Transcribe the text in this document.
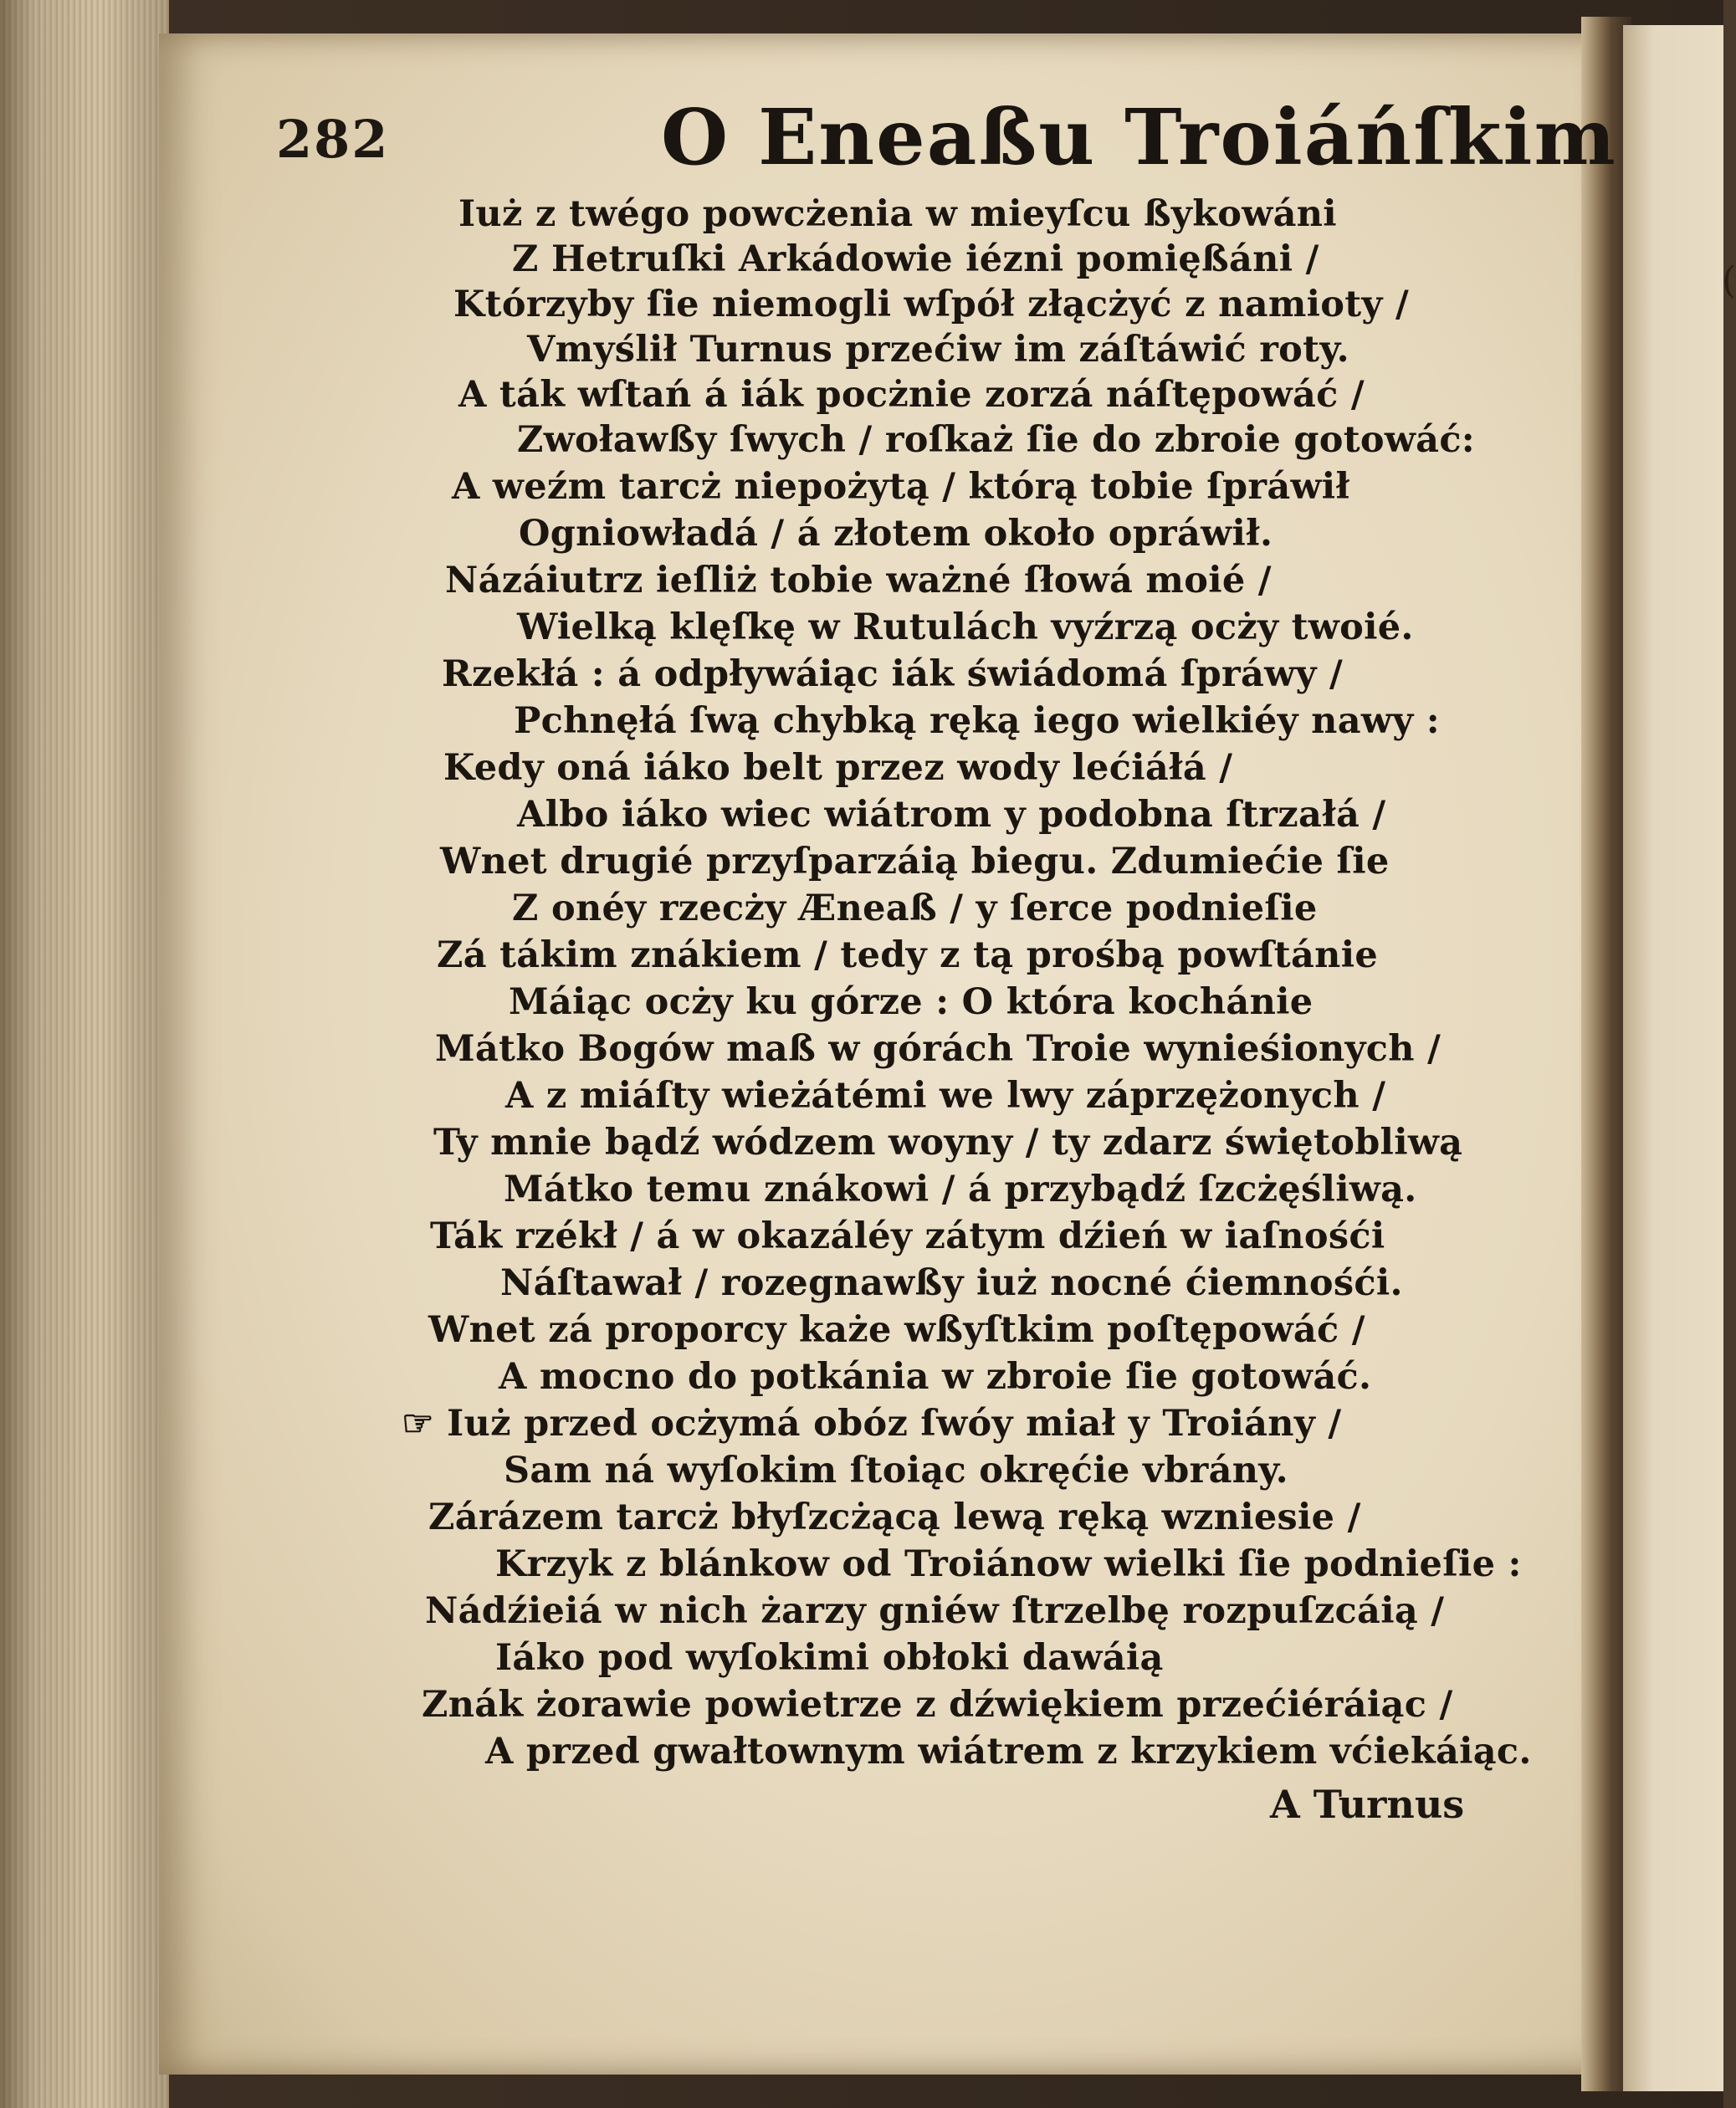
(
282	O Eneaßu Troiáńſkim
Iuż z twégo powcżenia w mieyſcu ßykowáni
Z Hetruſki Arkádowie iézni pomięßáni /
Którzyby ſie niemogli wſpół złącżyć z namioty /
Vmyślił Turnus przećiw im záſtáwić roty.
A ták wſtań á iák pocżnie zorzá náſtępowáć /
Zwoławßy ſwych / roſkaż ſie do zbroie gotowáć:
A weźm tarcż niepożytą / którą tobie ſpráwił
Ogniowładá / á złotem około opráwił.
Názáiutrz ieſliż tobie ważné ſłowá moié /
Wielką klęſkę w Rutulách vyźrzą ocży twoié.
Rzekłá : á odpływáiąc iák świádomá ſpráwy /
Pchnęłá ſwą chybką ręką iego wielkiéy nawy :
Kedy oná iáko belt przez wody lećiáłá /
Albo iáko wiec wiátrom y podobna ſtrzałá /
Wnet drugié przyſparzáią biegu. Zdumiećie ſie
Z onéy rzecży Æneaß / y ſerce podnieſie
Zá tákim znákiem / tedy z tą prośbą powſtánie
Máiąc ocży ku górze : O która kochánie
Mátko Bogów maß w górách Troie wynieśionych /
A z miáſty wieżátémi we lwy záprzężonych /
Ty mnie bądź wódzem woyny / ty zdarz świętobliwą
Mátko temu znákowi / á przybądź ſzcżęśliwą.
Ták rzékł / á w okazáléy zátym dźień w iaſnośći
Náſtawał / rozegnawßy iuż nocné ćiemnośći.
Wnet zá proporcy każe wßyſtkim poſtępowáć /
A mocno do potkánia w zbroie ſie gotowáć.
☞ Iuż przed ocżymá obóz ſwóy miał y Troiány /
Sam ná wyſokim ſtoiąc okręćie vbrány.
Zárázem tarcż błyſzcżącą lewą ręką wzniesie /
Krzyk z blánkow od Troiánow wielki ſie podnieſie :
Nádźieiá w nich żarzy gniéw ſtrzelbę rozpuſzcáią /
Iáko pod wyſokimi obłoki dawáią
Znák żorawie powietrze z dźwiękiem przećiéráiąc /
A przed gwałtownym wiátrem z krzykiem vćiekáiąc.
A Turnus
